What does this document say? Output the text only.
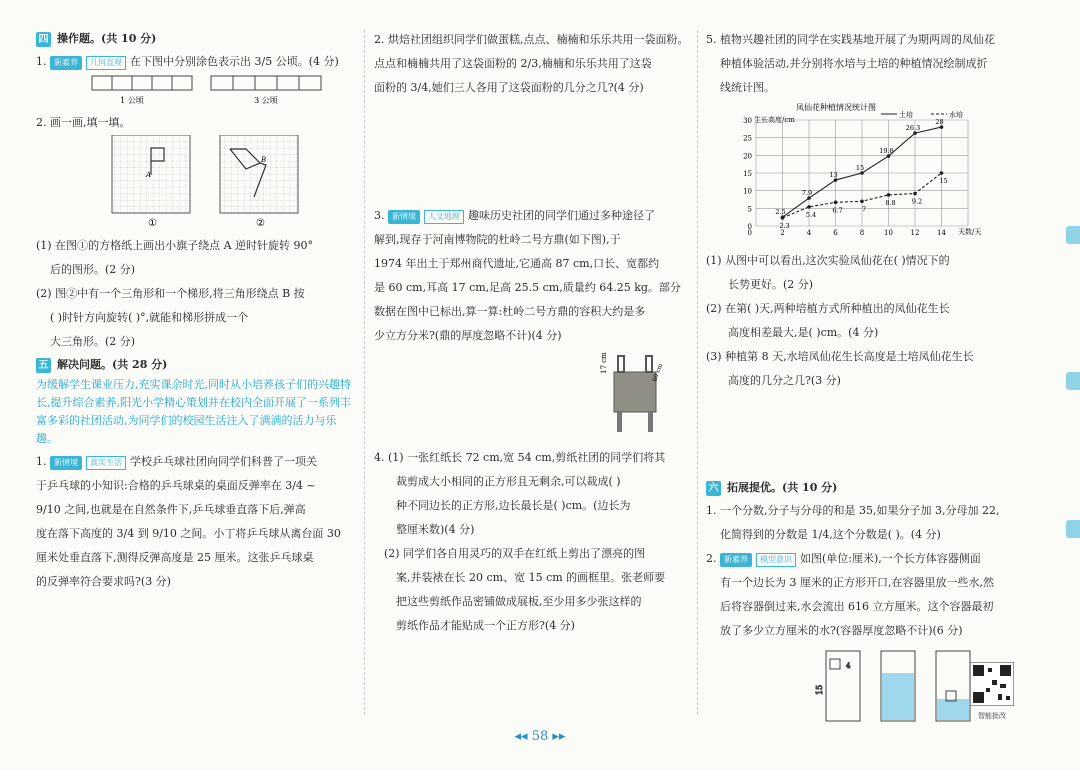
四 操作题。(共 10 分)

1. 新素养 几何直观 在下图中分别涂色表示出 3/5 公顷。(4 分)

1 公顷	3 公顷

2. 画一画,填一填。

A
B
①	②

(1) 在图①的方格纸上画出小旗子绕点 A 逆时针旋转 90°

后的图形。(2 分)

(2) 图②中有一个三角形和一个梯形,将三角形绕点 B 按

( )时针方向旋转( )°,就能和梯形拼成一个

大三角形。(2 分)

五 解决问题。(共 28 分)
为缓解学生课业压力,充实课余时光,同时从小培养孩子们的兴趣特长,提升综合素养,阳光小学精心策划并在校内全面开展了一系列丰富多彩的社团活动,为同学们的校园生活注入了满满的活力与乐趣。

1. 新情境 真实生活 学校乒乓球社团向同学们科普了一项关

于乒乓球的小知识:合格的乒乓球桌的桌面反弹率在 3/4 ~

9/10 之间,也就是在自然条件下,乒乓球垂直落下后,弹高

度在落下高度的 3/4 到 9/10 之间。小丁将乒乓球从离台面 30

厘米处垂直落下,测得反弹高度是 25 厘米。这张乒乓球桌

的反弹率符合要求吗?(3 分)

2. 烘焙社团组织同学们做蛋糕,点点、楠楠和乐乐共用一袋面粉。

点点和楠楠共用了这袋面粉的 2/3,楠楠和乐乐共用了这袋

面粉的 3/4,她们三人各用了这袋面粉的几分之几?(4 分)

3. 新情境 人文地理 趣味历史社团的同学们通过多种途径了

解到,现存于河南博物院的杜岭二号方鼎(如下图),于

1974 年出土于郑州商代遗址,它通高 87 cm,口长、宽都约

是 60 cm,耳高 17 cm,足高 25.5 cm,质量约 64.25 kg。部分

数据在图中已标出,算一算:杜岭二号方鼎的容积大约是多

少立方分米?(鼎的厚度忽略不计)(4 分)

17 cm	60 cm

4. (1) 一张红纸长 72 cm,宽 54 cm,剪纸社团的同学们将其

裁剪成大小相同的正方形且无剩余,可以裁成( )

种不同边长的正方形,边长最长是( )cm。(边长为

整厘米数)(4 分)

(2) 同学们各自用灵巧的双手在红纸上剪出了漂亮的图

案,并装裱在长 20 cm、宽 15 cm 的画框里。张老师要

把这些剪纸作品密铺做成展板,至少用多少张这样的

剪纸作品才能贴成一个正方形?(4 分)

5. 植物兴趣社团的同学在实践基地开展了为期两周的凤仙花

种植体验活动,并分别将水培与土培的种植情况绘制成折

线统计图。

凤仙花种植情况统计图
生长高度/cm
天数/天
0
5
10
15
20
25
30
2	4	6	8	10	12	14
0
2.5
7.9
13
15
19.8
26.3
28
2.3
5.4
6.7	7
8.8 9.2
15
土培	水培

(1) 从图中可以看出,这次实验凤仙花在( )情况下的

长势更好。(2 分)

(2) 在第( )天,两种培植方式所种植出的凤仙花生长

高度相差最大,是( )cm。(4 分)

(3) 种植第 8 天,水培凤仙花生长高度是土培凤仙花生长

高度的几分之几?(3 分)

六 拓展提优。(共 10 分)

1. 一个分数,分子与分母的和是 35,如果分子加 3,分母加 22,

化简得到的分数是 1/4,这个分数是( )。(4 分)

2. 新素养 模型意识 如图(单位:厘米),一个长方体容器侧面

有一个边长为 3 厘米的正方形开口,在容器里放一些水,然

后将容器倒过来,水会流出 616 立方厘米。这个容器最初

放了多少立方厘米的水?(容器厚度忽略不计)(6 分)

15
4
智能批改
◂◂ 58 ▸▸
